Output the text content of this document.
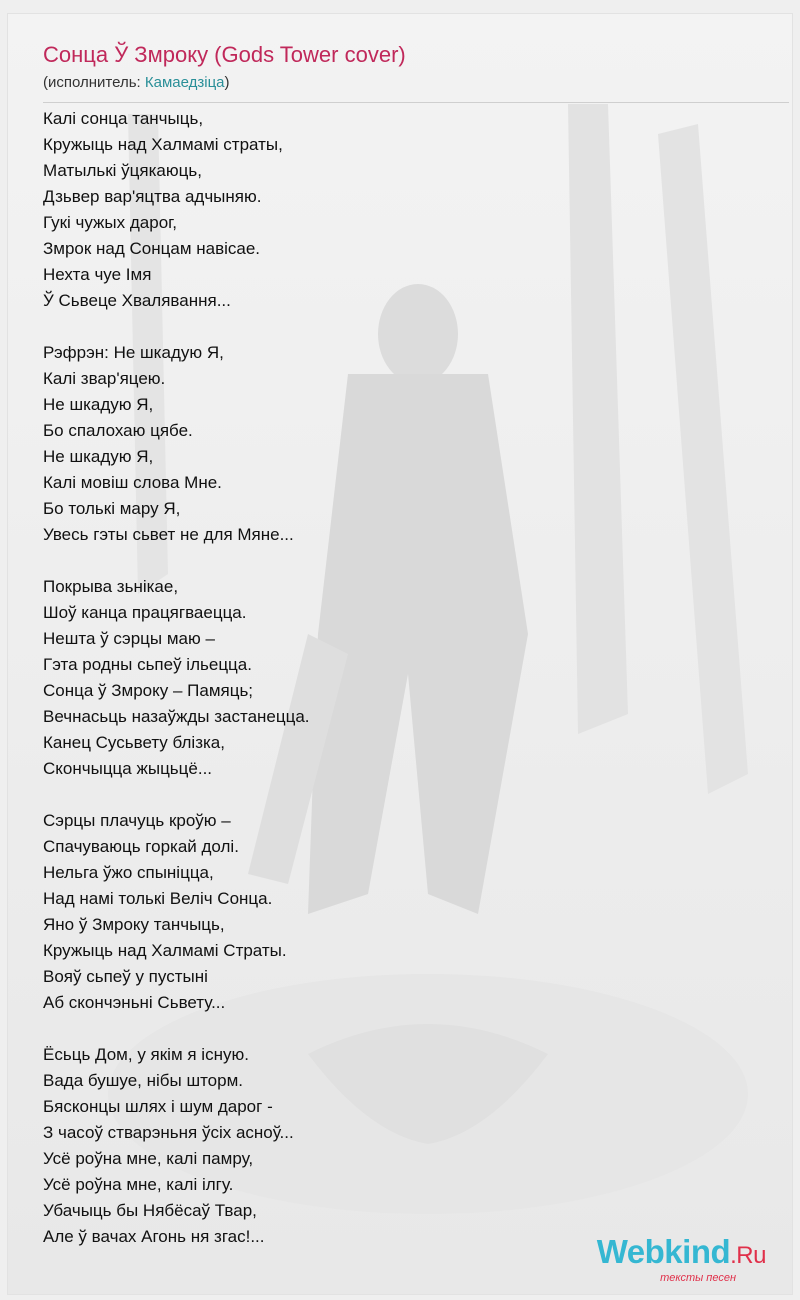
Сонца Ў Змроку (Gods Tower cover)
(исполнитель: Камаедзіца)
Калі сонца танчыць,
Кружыць над Халмамі страты,
Матылькі ўцякаюць,
Дзьвер вар'яцтва адчыняю.
Гукі чужых дарог,
Змрок над Сонцам навісае.
Нехта чуе Імя
Ў Сьвеце Хвалявання...
Рэфрэн: Не шкадую Я,
Калі звар'яцею.
Не шкадую Я,
Бо спалохаю цябе.
Не шкадую Я,
Калі мовіш слова Мне.
Бо толькі мару Я,
Увесь гэты сьвет не для Мяне...
Покрыва зьнікае,
Шоў канца працягваецца.
Нешта ў сэрцы маю –
Гэта родны сьпеў ільецца.
Сонца ў Змроку – Памяць;
Вечнасьць назаўжды застанецца.
Канец Сусьвету блізка,
Скончыцца жыцьцё...
Сэрцы плачуць кроўю –
Спачуваюць горкай долі.
Нельга ўжо спыніцца,
Над намі толькі Веліч Сонца.
Яно ў Змроку танчыць,
Кружыць над Халмамі Страты.
Вояў сьпеў у пустыні
Аб скончэньні Сьвету...
Ёсьць Дом, у якім я існую.
Вада бушуе, нібы шторм.
Бясконцы шлях і шум дарог -
З часоў стварэньня ўсіх асноў...
Усё роўна мне, калі памру,
Усё роўна мне, калі ілгу.
Убачыць бы Нябёсаў Твар,
Але ў вачах Агонь ня згас!...	Webkind.Ru
тексты песен
